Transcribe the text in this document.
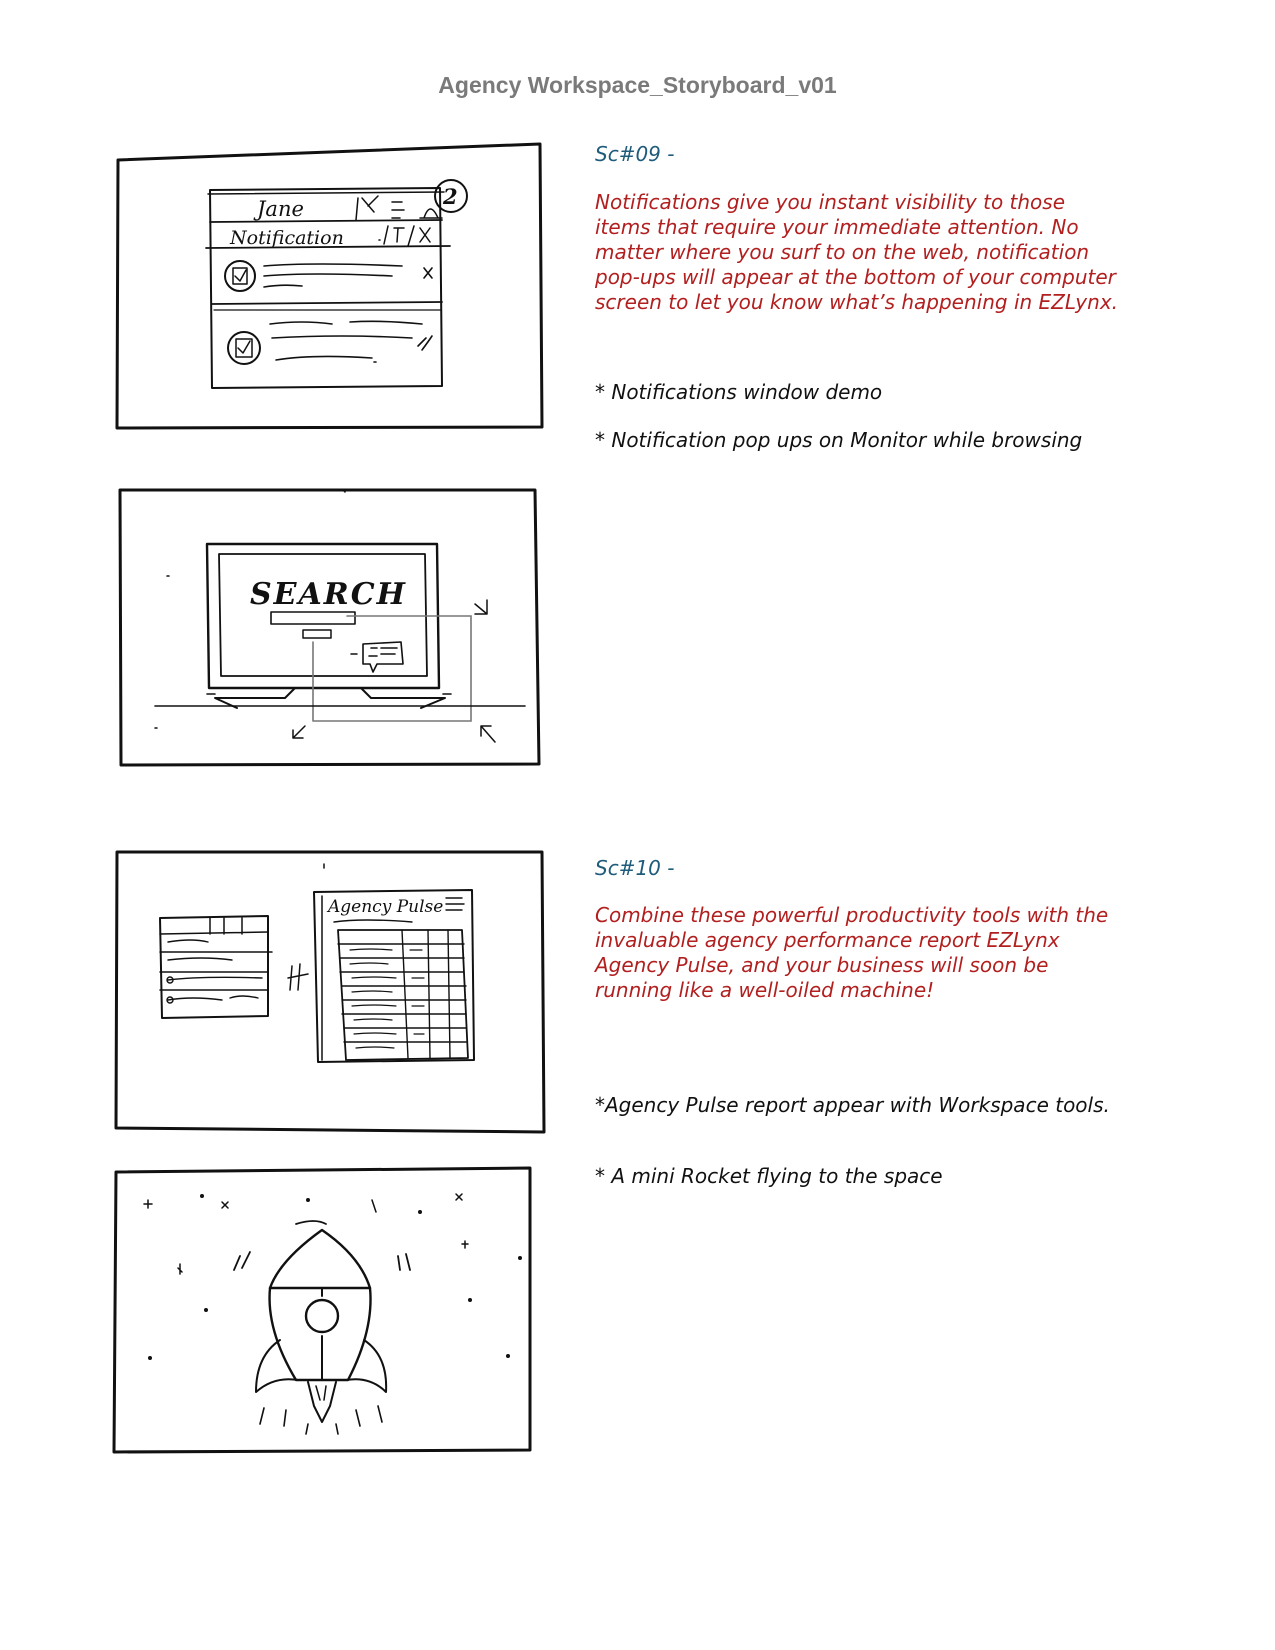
Agency Workspace_Storyboard_v01
Jane	2
Notification
SEARCH
Agency Pulse
Sc#09 -
Notifications give you instant visibility to those items that require your immediate attention. No matter where you surf to on the web, notification pop-ups will appear at the bottom of your computer screen to let you know what’s happening in EZLynx.
* Notifications window demo
* Notification pop ups on Monitor while browsing
Sc#10 -
Combine these powerful productivity tools with the invaluable agency performance report EZLynx Agency Pulse, and your business will soon be running like a well-oiled machine!
*Agency Pulse report appear with Workspace tools.
* A mini Rocket flying to the space
